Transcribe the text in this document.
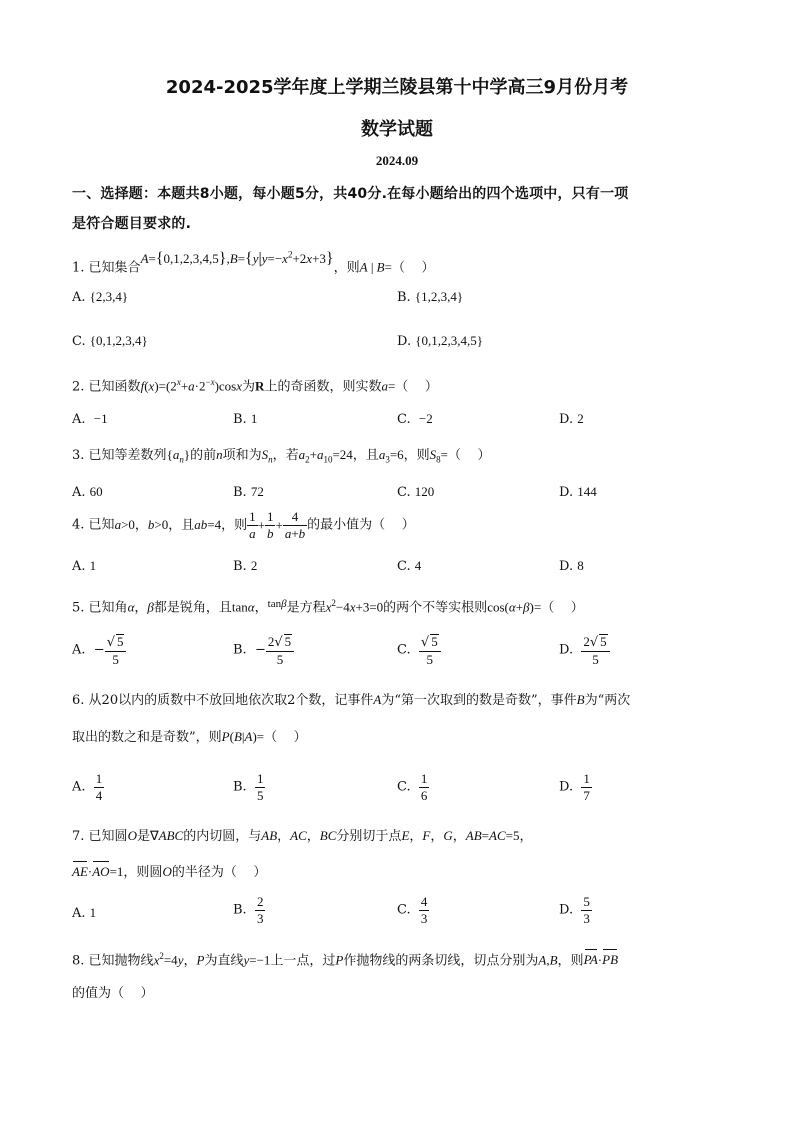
2024-2025学年度上学期兰陵县第十中学高三9月份月考
数学试题
2024.09
一、选择题：本题共8小题，每小题5分，共40分.在每小题给出的四个选项中，只有一项
是符合题目要求的.
1. 已知集合$A=\{0,1,2,3,4,5\},B=\{y|y=-x^2+2x+3\}$，则A | B=（    ）
A. {2,3,4}	B. {1,2,3,4}
C. {0,1,2,3,4}	D. {0,1,2,3,4,5}
2. 已知函数$f(x)=(2^x+a\cdot 2^{-x})\cos x$为R上的奇函数，则实数a=（    ）
A. −1	B. 1	C. −2	D. 2
3. 已知等差数列$\{a_n\}$的前n项和为$S_n$，若$a_2+a_{10}=24$，且$a_3=6$，则$S_8=$（    ）
A. 60	B. 72	C. 120	D. 144
4. 已知a>0，b>0，且ab=4，则 $\frac{1}{a} + \frac{1}{b} + \frac{4}{a+b}$ 的最小值为（    ）
A. 1	B. 2	C. 4	D. 8
5. 已知角α，β都是锐角，且tanα，$^{tan\beta}$是方程$x^2-4x+3=0$的两个不等实根则cos(α+β)=（    ）
A.  − $\frac{√ 5}{5}$	B.  − $\frac{2√ 5}{5}$	C. $\frac{√ 5}{5}$	D. $\frac{2√ 5}{5}$
6. 从20以内的质数中不放回地依次取2个数，记事件A为“第一次取到的数是奇数”，事件B为“两次
取出的数之和是奇数”，则P(B|A)=（    ）
A. $\frac{1}{4}$	B. $\frac{1}{5}$	C. $\frac{1}{6}$	D. $\frac{1}{7}$
7. 已知圆O是∇ABC的内切圆，与AB，AC，BC分别切于点E，F，G，AB=AC=5，
AE·AO=1，则圆O的半径为（    ）
A. 1	B. $\frac{2}{3}$	C. $\frac{4}{3}$	D. $\frac{5}{3}$
8. 已知抛物线$x^2=4y$，P为直线y=−1上一点，过P作抛物线的两条切线，切点分别为A,B，则PA·PB
的值为（    ）
